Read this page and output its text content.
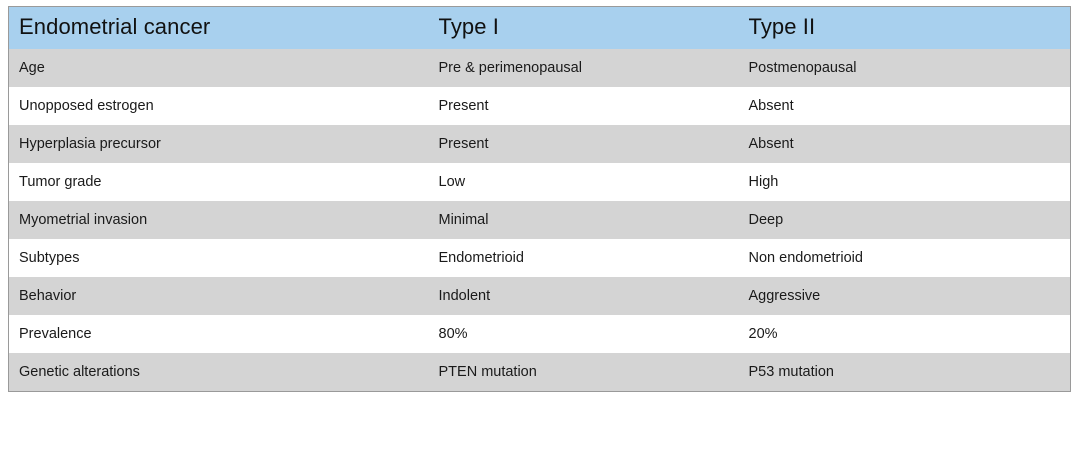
Endometrial cancer	Type I	Type II
Age	Pre & perimenopausal	Postmenopausal
Unopposed estrogen	Present	Absent
Hyperplasia precursor	Present	Absent
Tumor grade	Low	High
Myometrial invasion	Minimal	Deep
Subtypes	Endometrioid	Non endometrioid
Behavior	Indolent	Aggressive
Prevalence	80%	20%
Genetic alterations	PTEN mutation	P53 mutation
